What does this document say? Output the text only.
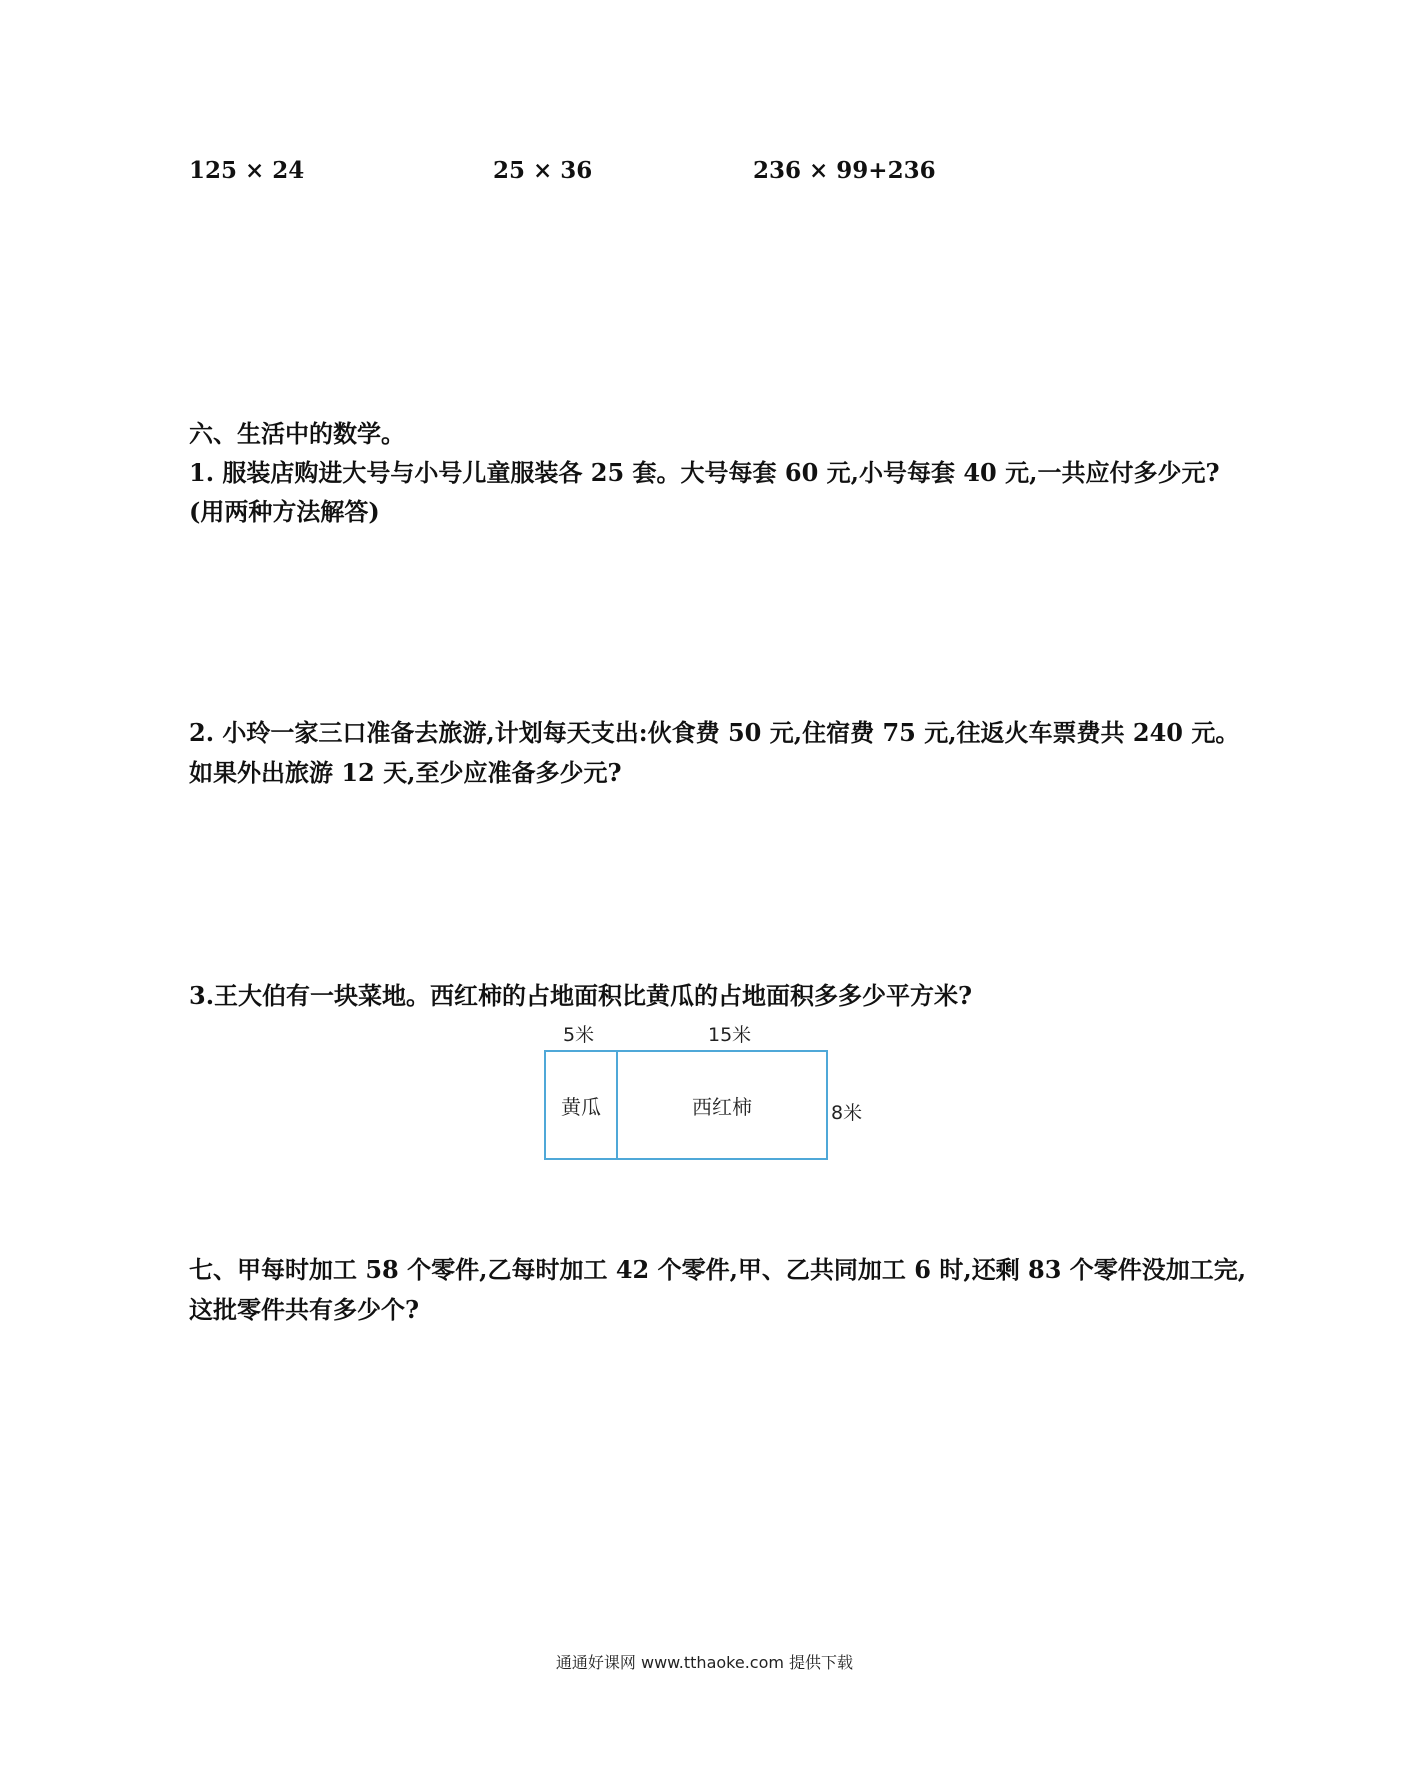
125 × 24	25 × 36	236 × 99+236
六、生活中的数学。
1. 服装店购进大号与小号儿童服装各 25 套。大号每套 60 元,小号每套 40 元,一共应付多少元?
(用两种方法解答)
2. 小玲一家三口准备去旅游,计划每天支出:伙食费 50 元,住宿费 75 元,往返火车票费共 240 元。
如果外出旅游 12 天,至少应准备多少元?
3.王大伯有一块菜地。西红柿的占地面积比黄瓜的占地面积多多少平方米?
5米	15米
黄瓜	西红柿	8米
七、甲每时加工 58 个零件,乙每时加工 42 个零件,甲、乙共同加工 6 时,还剩 83 个零件没加工完,
这批零件共有多少个?
通通好课网 www.tthaoke.com 提供下载
